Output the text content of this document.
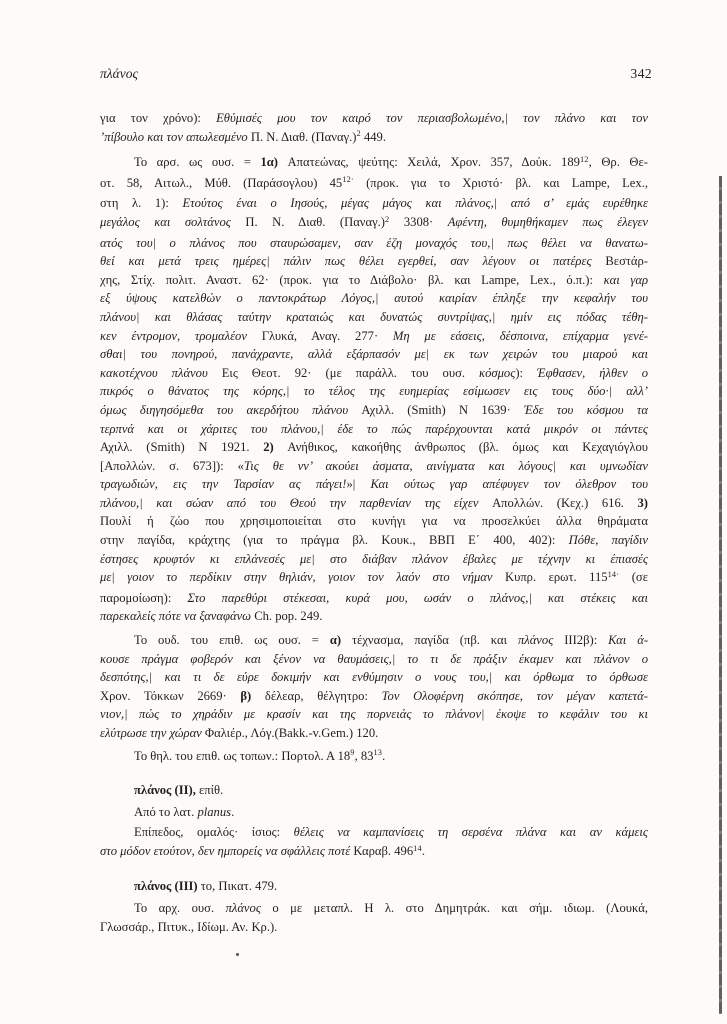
πλάνος	342
για τον χρόνο): Εθύμισές μου τον καιρό τον περιασβολωμένο,| τον πλάνο και τον
’πίβουλο και τον απωλεσμένο Π. Ν. Διαθ. $(\Pi\alpha\nu\alpha\gamma.)^2$ 449.
Το αρσ. ως ουσ. = 1α) Απατεώνας, ψεύτης: Χειλά, Χρον. 357, Δούκ. $189^{12}$, Θρ. Θε-
οτ. 58, Αιτωλ., Μύθ. (Παράσογλου) $45^{12\cdot}$ (προκ. για το Χριστό· βλ. και Lampe, Lex.,
στη λ. 1): Ετούτος έναι ο Ιησούς, μέγας μάγος και πλάνος,| από σ’ εμάς ευρέθηκε
μεγάλος και σολτάνος Π. Ν. Διαθ. $(\Pi\alpha\nu\alpha\gamma.)^2$ 3308· Αφέντη, θυμηθήκαμεν πως έλεγεν
ατός του| ο πλάνος που σταυρώσαμεν, σαν έζη μοναχός του,| πως θέλει να θανατω-
θεί και μετά τρεις ημέρες| πάλιν πως θέλει εγερθεί, σαν λέγουν οι πατέρες Βεστάρ-
χης, Στίχ. πολιτ. Αναστ. 62· (προκ. για το Διάβολο· βλ. και Lampe, Lex., ό.π.): και γαρ
εξ ύψους κατελθών ο παντοκράτωρ Λόγος,| αυτού καιρίαν έπληξε την κεφαλήν του
πλάνου| και θλάσας ταύτην κραταιώς και δυνατώς συντρίψας,| ημίν εις πόδας τέθη-
κεν έντρομον, τρομαλέον Γλυκά, Αναγ. 277· Μη με εάσεις, δέσποινα, επίχαρμα γενέ-
σθαι| του πονηρού, πανάχραντε, αλλά εξάρπασόν με| εκ των χειρών του μιαρού και
κακοτέχνου πλάνου Εις Θεοτ. 92· (με παράλλ. του ουσ. κόσμος): Έφθασεν, ήλθεν ο
πικρός ο θάνατος της κόρης,| το τέλος της ευημερίας εσίμωσεν εις τους δύο·| αλλ’
όμως διηγησόμεθα του ακερδήτου πλάνου Αχιλλ. (Smith) N 1639· Έδε του κόσμου τα
τερπνά και οι χάριτες του πλάνου,| έδε το πώς παρέρχουνται κατά μικρόν οι πάντες
Αχιλλ. (Smith) N 1921. 2) Ανήθικος, κακοήθης άνθρωπος (βλ. όμως και Κεχαγιόγλου
[Απολλών. σ. 673]): «Τις θε νν’ ακούει άσματα, αινίγματα και λόγους| και υμνωδίαν
τραγωδιών, εις την Ταρσίαν ας πάγει!»| Και ούτως γαρ απέφυγεν τον όλεθρον του
πλάνου,| και σώαν από του Θεού την παρθενίαν της είχεν Απολλών. (Κεχ.) 616. 3)
Πουλί ή ζώο που χρησιμοποιείται στο κυνήγι για να προσελκύει άλλα θηράματα
στην παγίδα, κράχτης (για το πράγμα βλ. Κουκ., ΒΒΠ Ε΄ 400, 402): Πόθε, παγίδιν
έστησες κρυφτόν κι επλάνεσές με| στο διάβαν πλάνον έβαλες με τέχνην κι έπιασές
με| γοιον το περδίκιν στην θηλιάν, γοιον τον λαόν στο νήμαν Κυπρ. ερωτ. $115^{14\cdot}$ (σε
παρομοίωση): Στο παρεθύρι στέκεσαι, κυρά μου, ωσάν ο πλάνος,| και στέκεις και
παρεκαλείς πότε να ξαναφάνω Ch. pop. 249.
Το ουδ. του επιθ. ως ουσ. = α) τέχνασμα, παγίδα (πβ. και πλάνος III2β): Και ά-
κουσε πράγμα φοβερόν και ξένον να θαυμάσεις,| το τι δε πράξιν έκαμεν και πλάνον ο
δεσπότης,| και τι δε εύρε δοκιμήν και ενθύμησιν ο νους του,| και όρθωμα το όρθωσε
Χρον. Τόκκων 2669· β) δέλεαρ, θέλγητρο: Τον Ολοφέρνη σκόπησε, τον μέγαν καπετά-
νιον,| πώς το χηράδιν με κρασίν και της πορνειάς το πλάνον| έκοψε το κεφάλιν του κι
ελύτρωσε την χώραν Φαλιέρ., Λόγ.(Bakk.-v.Gem.) 120.
Το θηλ. του επιθ. ως τοπων.: Πορτολ. Α $18^9$, $83^{13}$.
πλάνος (II), επίθ.
Από το λατ. planus.
Επίπεδος, ομαλός· ίσιος: θέλεις να καμπανίσεις τη σερσένα πλάνα και αν κάμεις
στο μόδον ετούτον, δεν ημπορείς να σφάλλεις ποτέ Καραβ. $496^{14}$.
πλάνος (III) το, Πικατ. 479.
Το αρχ. ουσ. πλάνος ο με μεταπλ. Η λ. στο Δημητράκ. και σήμ. ιδιωμ. (Λουκά,
Γλωσσάρ., Πιτυκ., Ιδίωμ. Αν. Κρ.).
